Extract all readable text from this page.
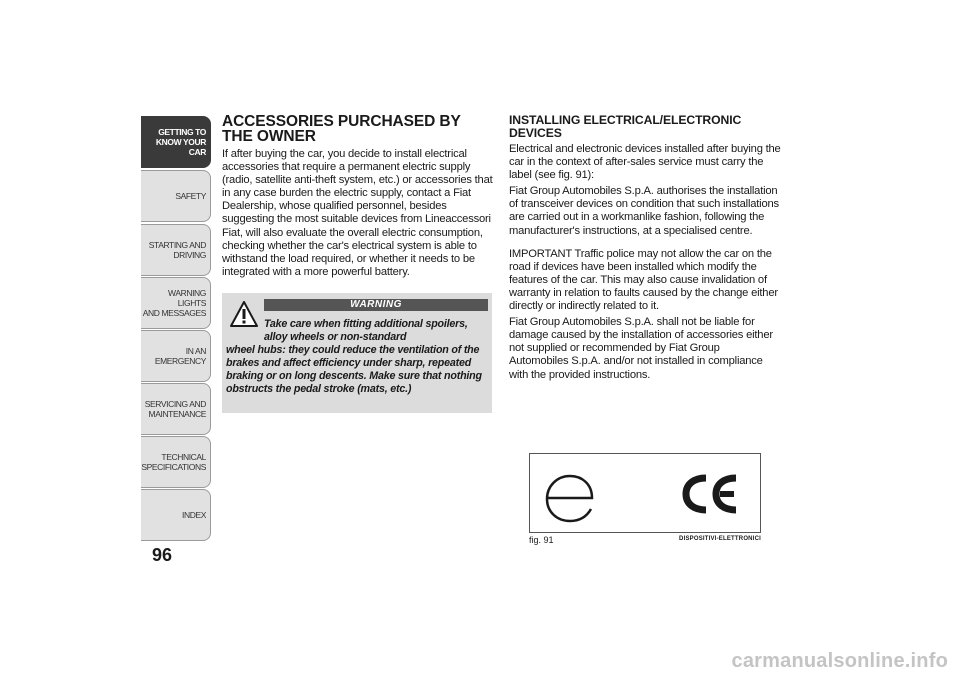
GETTING TO
KNOW YOUR CAR
SAFETY
STARTING AND
DRIVING
WARNING LIGHTS
AND MESSAGES
IN AN EMERGENCY
SERVICING AND
MAINTENANCE
TECHNICAL
SPECIFICATIONS
INDEX
96
ACCESSORIES PURCHASED BY THE OWNER

If after buying the car, you decide to install electrical accessories that require a permanent electric supply (radio, satellite anti-theft system, etc.) or accessories that in any case burden the electric supply, contact a Fiat Dealership, whose qualified personnel, besides suggesting the most suitable devices from Lineaccessori Fiat, will also evaluate the overall electric consumption, checking whether the car's electrical system is able to withstand the load required, or whether it needs to be integrated with a more powerful battery.

WARNING
Take care when fitting additional spoilers, alloy wheels or non-standard
wheel hubs: they could reduce the ventilation of the brakes and affect efficiency under sharp, repeated braking or on long descents. Make sure that nothing obstructs the pedal stroke (mats, etc.)
INSTALLING ELECTRICAL/ELECTRONIC DEVICES

Electrical and electronic devices installed after buying the car in the context of after-sales service must carry the label (see fig. 91):

Fiat Group Automobiles S.p.A. authorises the installation of transceiver devices on condition that such installations are carried out in a workmanlike fashion, following the manufacturer's instructions, at a specialised centre.

IMPORTANT Traffic police may not allow the car on the road if devices have been installed which modify the features of the car. This may also cause invalidation of warranty in relation to faults caused by the change either directly or indirectly related to it.

Fiat Group Automobiles S.p.A. shall not be liable for damage caused by the installation of accessories either not supplied or recommended by Fiat Group Automobiles S.p.A. and/or not installed in compliance with the provided instructions.

fig. 91	DISPOSITIVI-ELETTRONICI
carmanualsonline.info
